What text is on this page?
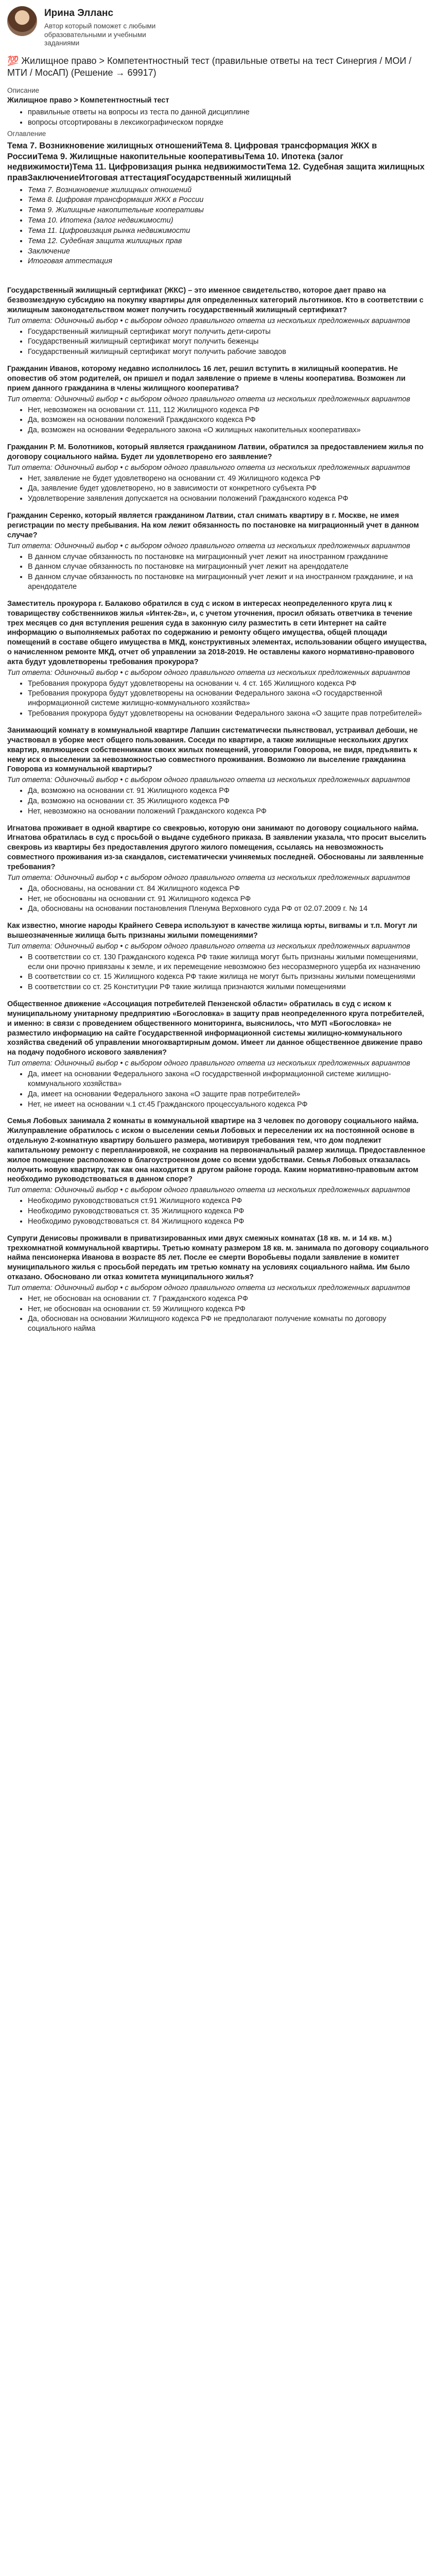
Ирина Элланс
Автор который поможет с любыми образовательными и учебными заданиями
💯 Жилищное право > Компетентностный тест (правильные ответы на тест Синергия / МОИ / МТИ / МосАП) (Решение → 69917)

Описание

Жилищное право > Компетентностный тест

• правильные ответы на вопросы из теста по данной дисциплине
• вопросы отсортированы в лексикографическом порядке

Оглавление

Тема 7. Возникновение жилищных отношенийТема 8. Цифровая трансформация ЖКХ в РоссииТема 9. Жилищные накопительные кооперативыТема 10. Ипотека (залог недвижимости)Тема 11. Цифровизация рынка недвижимостиТема 12. Судебная защита жилищных правЗаключениеИтоговая аттестацияГосударственный жилищный
• Тема 7. Возникновение жилищных отношений
• Тема 8. Цифровая трансформация ЖКХ в России
• Тема 9. Жилищные накопительные кооперативы
• Тема 10. Ипотека (залог недвижимости)
• Тема 11. Цифровизация рынка недвижимости
• Тема 12. Судебная защита жилищных прав
• Заключение
• Итоговая аттестация

Государственный жилищный сертификат (ЖКС) – это именное свидетельство, которое дает право на безвозмездную субсидию на покупку квартиры для определенных категорий льготников. Кто в соответствии с жилищным законодательством может получить государственный жилищный сертификат?

Тип ответа: Одиночный выбор • с выбором одного правильного ответа из нескольких предложенных вариантов

• Государственный жилищный сертификат могут получить дети-сироты
• Государственный жилищный сертификат могут получить беженцы
• Государственный жилищный сертификат могут получить рабочие заводов

Гражданин Иванов, которому недавно исполнилось 16 лет, решил вступить в жилищный кооператив. Не оповестив об этом родителей, он пришел и подал заявление о приеме в члены кооператива. Возможен ли прием данного гражданина в члены жилищного кооператива?

Тип ответа: Одиночный выбор • с выбором одного правильного ответа из нескольких предложенных вариантов

• Нет, невозможен на основании ст. 111, 112 Жилищного кодекса РФ
• Да, возможен на основании положений Гражданского кодекса РФ
• Да, возможен на основании Федерального закона «О жилищных накопительных кооперативах»

Гражданин Р. М. Болотников, который является гражданином Латвии, обратился за предоставлением жилья по договору социального найма. Будет ли удовлетворено его заявление?

Тип ответа: Одиночный выбор • с выбором одного правильного ответа из нескольких предложенных вариантов

• Нет, заявление не будет удовлетворено на основании ст. 49 Жилищного кодекса РФ
• Да, заявление будет удовлетворено, но в зависимости от конкретного субъекта РФ
• Удовлетворение заявления допускается на основании положений Гражданского кодекса РФ

Гражданин Серенко, который является гражданином Латвии, стал снимать квартиру в г. Москве, не имея регистрации по месту пребывания. На ком лежит обязанность по постановке на миграционный учет в данном случае?

Тип ответа: Одиночный выбор • с выбором одного правильного ответа из нескольких предложенных вариантов

• В данном случае обязанность по постановке на миграционный учет лежит на иностранном гражданине
• В данном случае обязанность по постановке на миграционный учет лежит на арендодателе
• В данном случае обязанность по постановке на миграционный учет лежит и на иностранном гражданине, и на арендодателе

Заместитель прокурора г. Балаково обратился в суд с иском в интересах неопределенного круга лиц к товариществу собственников жилья «Интек-2в», и, с учетом уточнения, просил обязать ответчика в течение трех месяцев со дня вступления решения суда в законную силу разместить в сети Интернет на сайте информацию о выполняемых работах по содержанию и ремонту общего имущества, общей площади помещений в составе общего имущества в МКД, конструктивных элементах, использовании общего имущества, о начисленном ремонте МКД, отчет об управлении за 2018-2019. Не оставлены какого нормативно-правового акта будут удовлетворены требования прокурора?

Тип ответа: Одиночный выбор • с выбором одного правильного ответа из нескольких предложенных вариантов

• Требования прокурора будут удовлетворены на основании ч. 4 ст. 165 Жилищного кодекса РФ
• Требования прокурора будут удовлетворены на основании Федерального закона «О государственной информационной системе жилищно-коммунального хозяйства»
• Требования прокурора будут удовлетворены на основании Федерального закона «О защите прав потребителей»

Занимающий комнату в коммунальной квартире Лапшин систематически пьянствовал, устраивал дебоши, не участвовал в уборке мест общего пользования. Соседи по квартире, а также жилищные нескольких других квартир, являющиеся собственниками своих жилых помещений, уговорили Говорова, не видя, предъявить к нему иск о выселении за невозможностью совместного проживания. Возможно ли выселение гражданина Говорова из коммунальной квартиры?

Тип ответа: Одиночный выбор • с выбором одного правильного ответа из нескольких предложенных вариантов

• Да, возможно на основании ст. 91 Жилищного кодекса РФ
• Да, возможно на основании ст. 35 Жилищного кодекса РФ
• Нет, невозможно на основании положений Гражданского кодекса РФ

Игнатова проживает в одной квартире со свекровью, которую они занимают по договору социального найма. Игнатова обратилась в суд с просьбой о выдаче судебного приказа. В заявлении указала, что просит выселить свекровь из квартиры без предоставления другого жилого помещения, ссылаясь на невозможность совместного проживания из-за скандалов, систематически учиняемых последней. Обоснованы ли заявленные требования?

Тип ответа: Одиночный выбор • с выбором одного правильного ответа из нескольких предложенных вариантов

• Да, обоснованы, на основании ст. 84 Жилищного кодекса РФ
• Нет, не обоснованы на основании ст. 91 Жилищного кодекса РФ
• Да, обоснованы на основании постановления Пленума Верховного суда РФ от 02.07.2009 г. № 14

Как известно, многие народы Крайнего Севера используют в качестве жилища юрты, вигвамы и т.п. Могут ли вышеозначенные жилища быть признаны жилыми помещениями?

Тип ответа: Одиночный выбор • с выбором одного правильного ответа из нескольких предложенных вариантов

• В соответствии со ст. 130 Гражданского кодекса РФ такие жилища могут быть признаны жилыми помещениями, если они прочно привязаны к земле, и их перемещение невозможно без несоразмерного ущерба их назначению
• В соответствии со ст. 15 Жилищного кодекса РФ такие жилища не могут быть признаны жилыми помещениями
• В соответствии со ст. 25 Конституции РФ такие жилища признаются жилыми помещениями

Общественное движение «Ассоциация потребителей Пензенской области» обратилась в суд с иском к муниципальному унитарному предприятию «Богословка» в защиту прав неопределенного круга потребителей, и именно: в связи с проведением общественного мониторинга, выяснилось, что МУП «Богословка» не разместило информацию на сайте Государственной информационной системы жилищно-коммунального хозяйства сведений об управлении многоквартирным домом. Имеет ли данное общественное движение право на подачу подобного искового заявления?

Тип ответа: Одиночный выбор • с выбором одного правильного ответа из нескольких предложенных вариантов

• Да, имеет на основании Федерального закона «О государственной информационной системе жилищно-коммунального хозяйства»
• Да, имеет на основании Федерального закона «О защите прав потребителей»
• Нет, не имеет на основании ч.1 ст.45 Гражданского процессуального кодекса РФ

Семья Лобовых занимала 2 комнаты в коммунальной квартире на 3 человек по договору социального найма. Жилуправление обратилось с иском о выселении семьи Лобовых и переселении их на постоянной основе в отдельную 2-комнатную квартиру большего размера, мотивируя требования тем, что дом подлежит капитальному ремонту с перепланировкой, не сохранив на первоначальный размер жилища. Предоставленное жилое помещение расположено в благоустроенном доме со всеми удобствами. Семья Лобовых отказалась получить новую квартиру, так как она находится в другом районе города. Каким нормативно-правовым актом необходимо руководствоваться в данном споре?

Тип ответа: Одиночный выбор • с выбором одного правильного ответа из нескольких предложенных вариантов

• Необходимо руководствоваться ст.91 Жилищного кодекса РФ
• Необходимо руководствоваться ст. 35 Жилищного кодекса РФ
• Необходимо руководствоваться ст. 84 Жилищного кодекса РФ

Супруги Денисовы проживали в приватизированных ими двух смежных комнатах (18 кв. м. и 14 кв. м.) трехкомнатной коммунальной квартиры. Третью комнату размером 18 кв. м. занимала по договору социального найма пенсионерка Иванова в возрасте 85 лет. После ее смерти Воробьевы подали заявление в комитет муниципального жилья с просьбой передать им третью комнату на условиях социального найма. Им было отказано. Обосновано ли отказ комитета муниципального жилья?

Тип ответа: Одиночный выбор • с выбором одного правильного ответа из нескольких предложенных вариантов

• Нет, не обоснован на основании ст. 7 Гражданского кодекса РФ
• Нет, не обоснован на основании ст. 59 Жилищного кодекса РФ
• Да, обоснован на основании Жилищного кодекса РФ не предполагают получение комнаты по договору социального найма
